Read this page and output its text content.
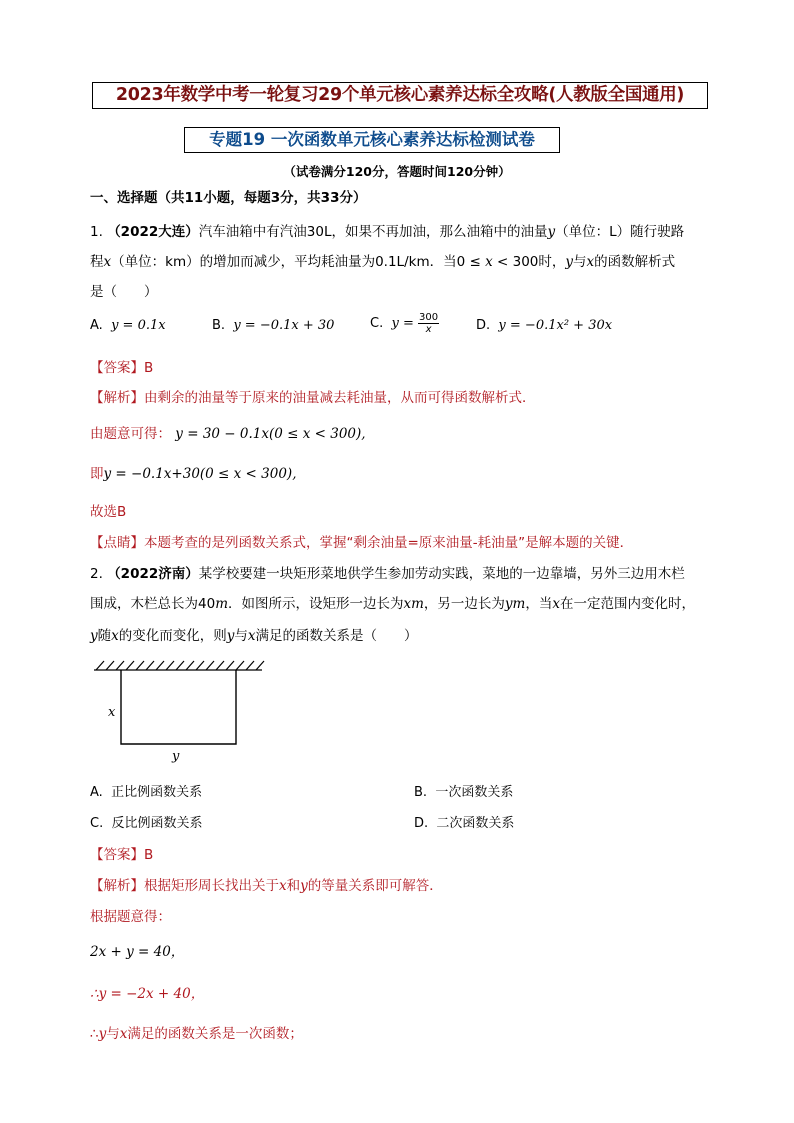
2023年数学中考一轮复习29个单元核心素养达标全攻略(人教版全国通用)
专题19 一次函数单元核心素养达标检测试卷
（试卷满分120分，答题时间120分钟）
一、选择题（共11小题，每题3分，共33分）
1. （2022大连）汽车油箱中有汽油30L，如果不再加油，那么油箱中的油量y（单位：L）随行驶路
程x（单位：km）的增加而减少，平均耗油量为0.1L/km．当0 ≤ x < 300时，y与x的函数解析式
是（　　）
A. y = 0.1x	B. y = −0.1x + 30	C. $y = \frac{300}{x}$	D. y = −0.1x² + 30x
【答案】B
【解析】由剩余的油量等于原来的油量减去耗油量，从而可得函数解析式．
由题意可得： y = 30 − 0.1x(0 ≤ x < 300),
即y = −0.1x+30(0 ≤ x < 300),
故选B
【点睛】本题考查的是列函数关系式，掌握“剩余油量=原来油量-耗油量”是解本题的关键．
2. （2022济南）某学校要建一块矩形菜地供学生参加劳动实践，菜地的一边靠墙，另外三边用木栏
围成，木栏总长为40m．如图所示，设矩形一边长为xm，另一边长为ym，当x在一定范围内变化时，
y随x的变化而变化，则y与x满足的函数关系是（　　）
x
y
A. 正比例函数关系	B. 一次函数关系
C. 反比例函数关系	D. 二次函数关系
【答案】B
【解析】根据矩形周长找出关于x和y的等量关系即可解答．
根据题意得：
2x + y = 40，
∴y = −2x + 40，
∴y与x满足的函数关系是一次函数；
